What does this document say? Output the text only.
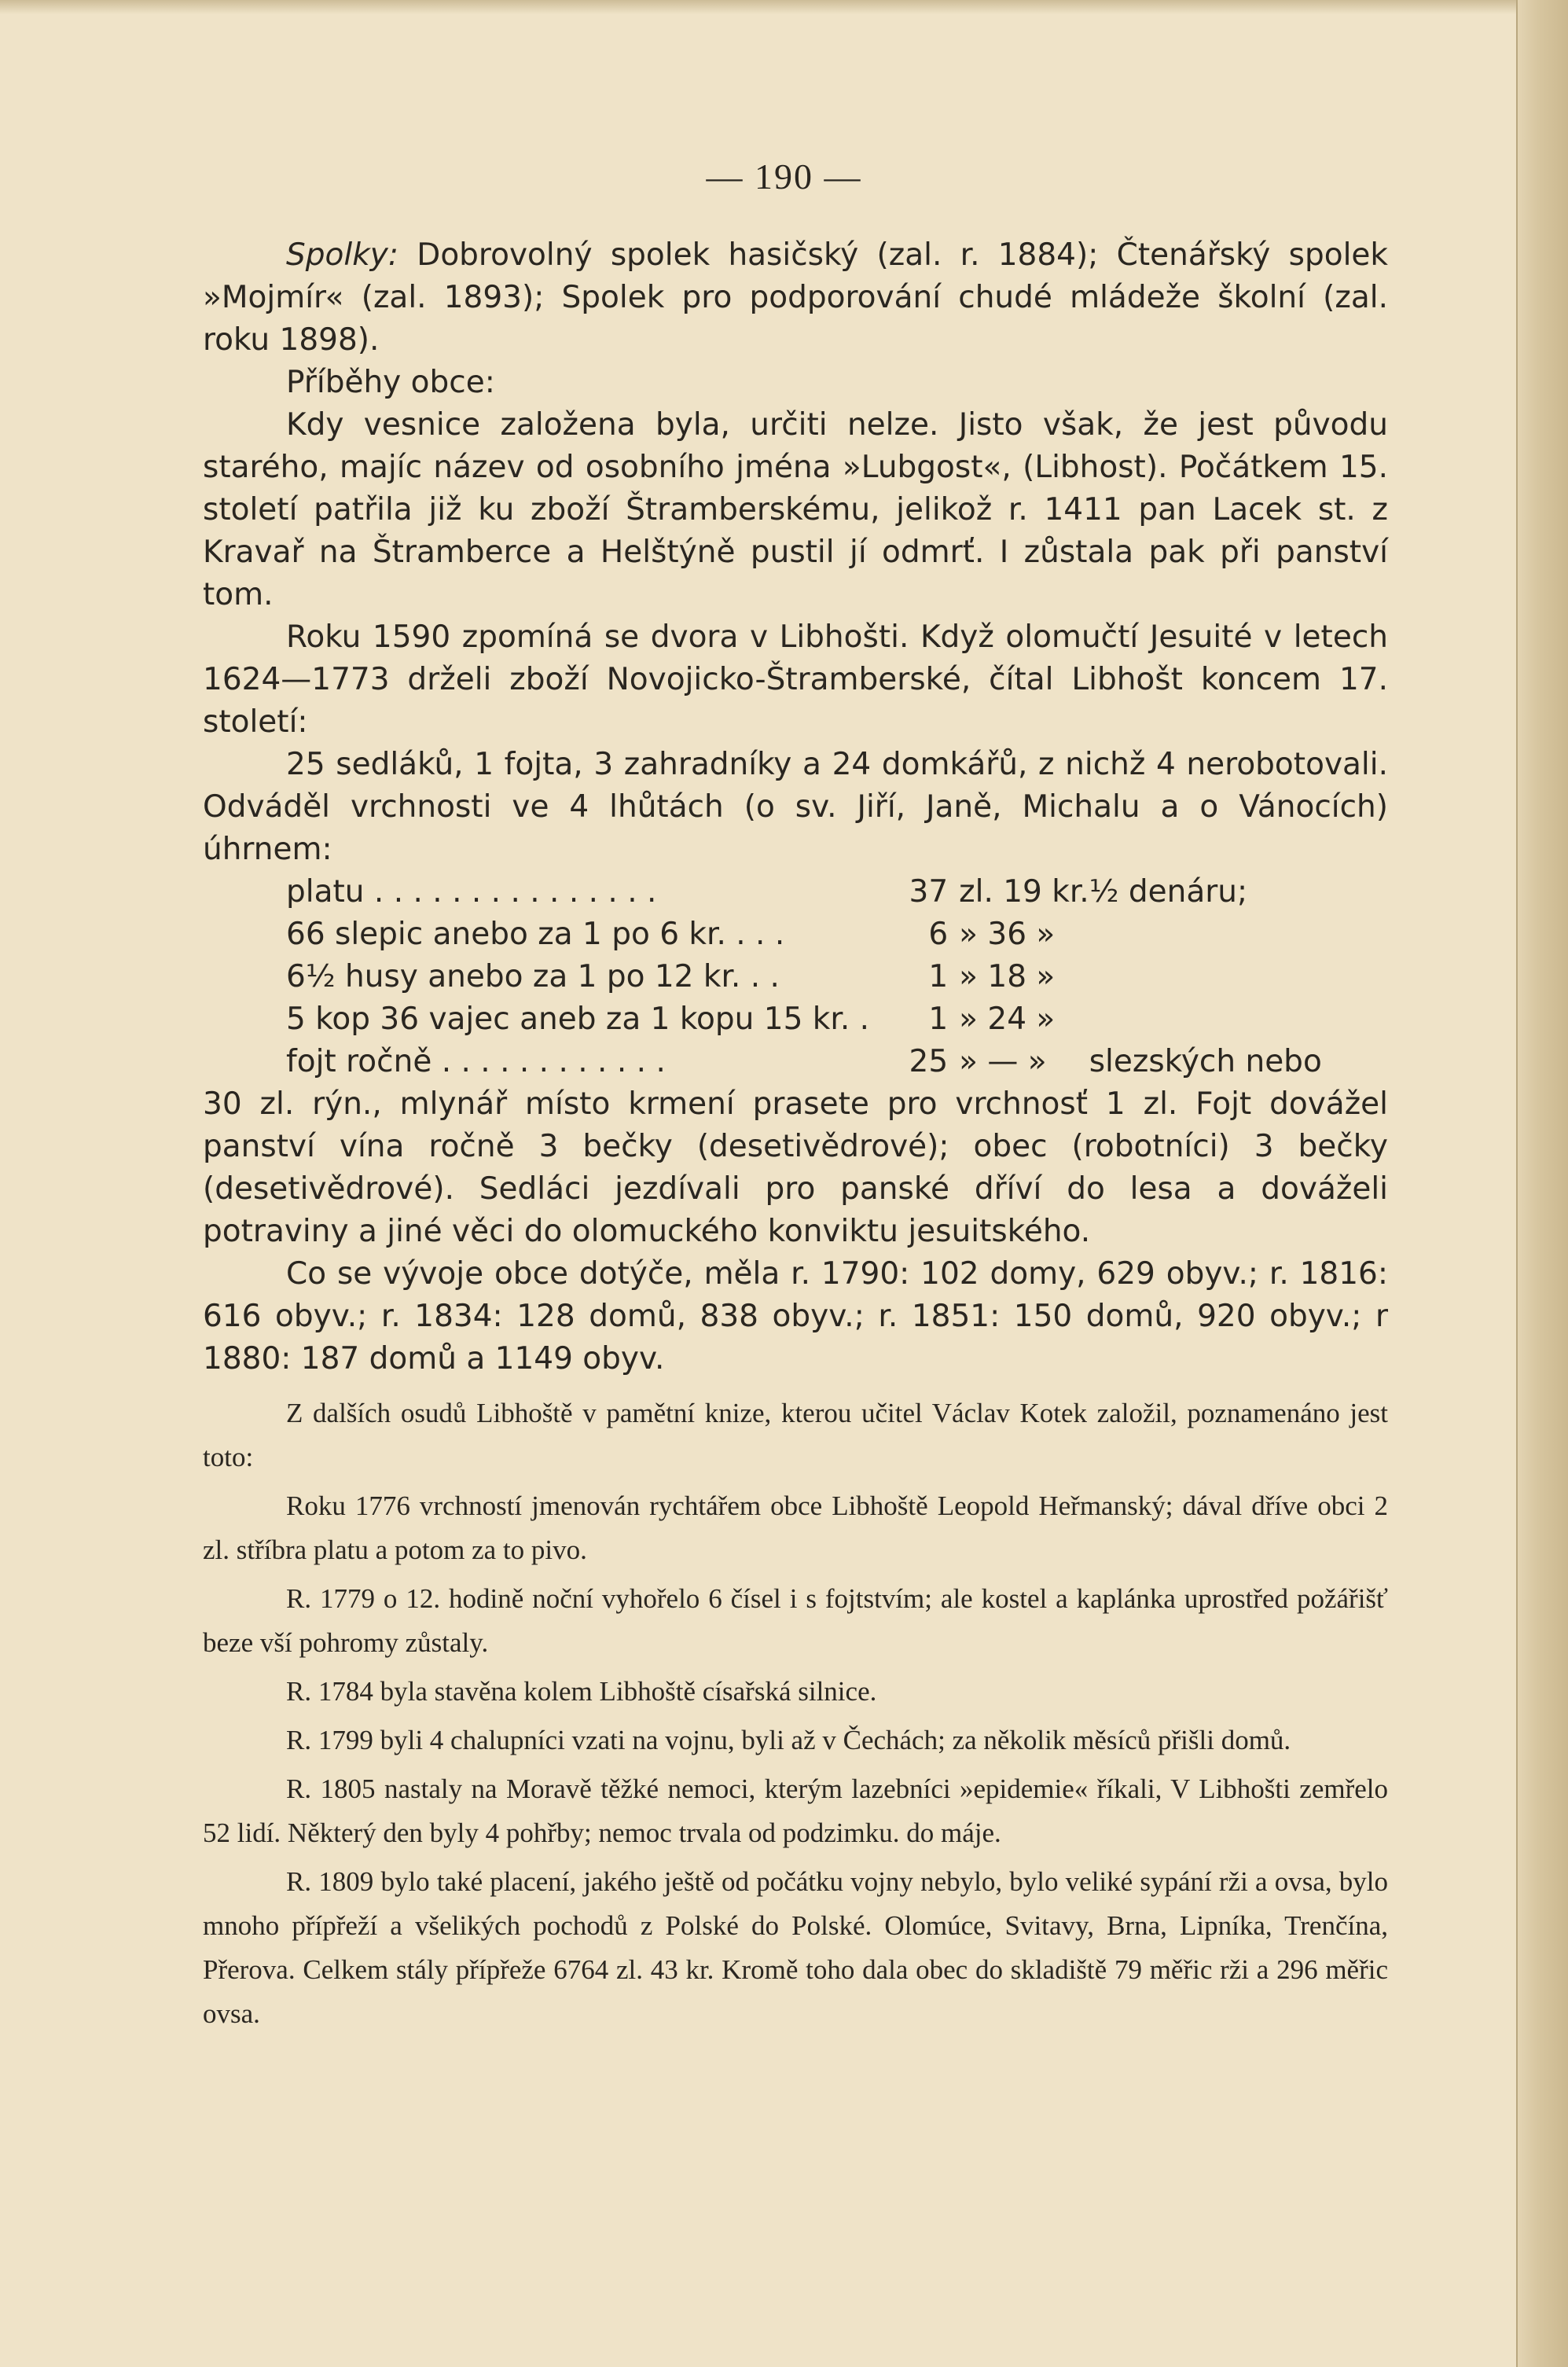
— 190 —

Spolky: Dobrovolný spolek hasičský (zal. r. 1884); Čtenářský spolek »Mojmír« (zal. 1893); Spolek pro podporování chudé mládeže školní (zal. roku 1898).

Příběhy obce:

Kdy vesnice založena byla, určiti nelze. Jisto však, že jest původu starého, majíc název od osobního jména »Lubgost«, (Libhost). Počátkem 15. století patřila již ku zboží Štramberskému, jelikož r. 1411 pan Lacek st. z Kravař na Štramberce a Helštýně pustil jí odmrť. I zůstala pak při panství tom.

Roku 1590 zpomíná se dvora v Libhošti. Když olomučtí Jesuité v letech 1624—1773 drželi zboží Novojicko-Štramberské, čítal Libhošt koncem 17. století:

25 sedláků, 1 fojta, 3 zahradníky a 24 domkářů, z nichž 4 nerobotovali. Odváděl vrchnosti ve 4 lhůtách (o sv. Jiří, Janě, Michalu a o Vánocích) úhrnem:

platu . . . . . . . . . . . . . . .	37	zl. 19 kr.	½ denáru;
66 slepic anebo za 1 po 6 kr. . . .	6	» 36 »	
6½ husy anebo za 1 po 12 kr. . .	1	» 18 »	
5 kop 36 vajec aneb za 1 kopu 15 kr. .	1	» 24 »	
fojt ročně . . . . . . . . . . . .	25	» — »	slezských nebo

30 zl. rýn., mlynář místo krmení prasete pro vrchnosť 1 zl. Fojt dovážel panství vína ročně 3 bečky (desetivědrové); obec (robotníci) 3 bečky (desetivědrové). Sedláci jezdívali pro panské dříví do lesa a dováželi potraviny a jiné věci do olomuckého konviktu jesuitského.

Co se vývoje obce dotýče, měla r. 1790: 102 domy, 629 obyv.; r. 1816: 616 obyv.; r. 1834: 128 domů, 838 obyv.; r. 1851: 150 domů, 920 obyv.; r 1880: 187 domů a 1149 obyv.

Z dalších osudů Libhoště v pamětní knize, kterou učitel Václav Kotek založil, poznamenáno jest toto:

Roku 1776 vrchností jmenován rychtářem obce Libhoště Leopold Heřmanský; dával dříve obci 2 zl. stříbra platu a potom za to pivo.

R. 1779 o 12. hodině noční vyhořelo 6 čísel i s fojtstvím; ale kostel a kaplánka uprostřed požářišť beze vší pohromy zůstaly.

R. 1784 byla stavěna kolem Libhoště císařská silnice.

R. 1799 byli 4 chalupníci vzati na vojnu, byli až v Čechách; za několik měsíců přišli domů.

R. 1805 nastaly na Moravě těžké nemoci, kterým lazebníci »epidemie« říkali, V Libhošti zemřelo 52 lidí. Některý den byly 4 pohřby; nemoc trvala od podzimku. do máje.

R. 1809 bylo také placení, jakého ještě od počátku vojny nebylo, bylo veliké sypání rži a ovsa, bylo mnoho přípřeží a všelikých pochodů z Polské do Polské. Olomúce, Svitavy, Brna, Lipníka, Trenčína, Přerova. Celkem stály přípřeže 6764 zl. 43 kr. Kromě toho dala obec do skladiště 79 měřic rži a 296 měřic ovsa.
